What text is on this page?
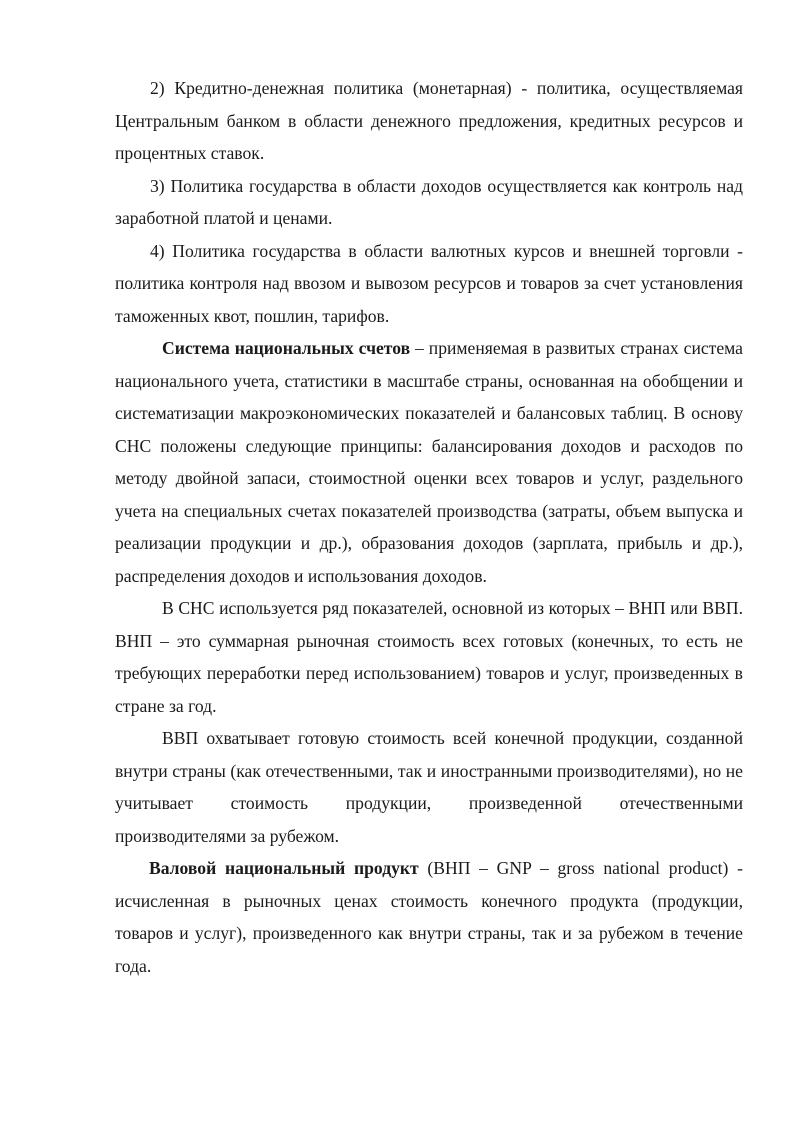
2) Кредитно-денежная политика (монетарная) - политика, осуществляемая Центральным банком в области денежного предложения, кредитных ресурсов и процентных ставок.

3) Политика государства в области доходов осуществляется как контроль над заработной платой и ценами.

4) Политика государства в области валютных курсов и внешней торговли - политика контроля над ввозом и вывозом ресурсов и товаров за счет установления таможенных квот, пошлин, тарифов.

Система национальных счетов – применяемая в развитых странах система национального учета, статистики в масштабе страны, основанная на обобщении и систематизации макроэкономических показателей и балансовых таблиц. В основу СНС положены следующие принципы: балансирования доходов и расходов по методу двойной запаси, стоимостной оценки всех товаров и услуг, раздельного учета на специальных счетах показателей производства (затраты, объем выпуска и реализации продукции и др.), образования доходов (зарплата, прибыль и др.), распределения доходов и использования доходов.

В СНС используется ряд показателей, основной из которых – ВНП или ВВП. ВНП – это суммарная рыночная стоимость всех готовых (конечных, то есть не требующих переработки перед использованием) товаров и услуг, произведенных в стране за год.

ВВП охватывает готовую стоимость всей конечной продукции, созданной внутри страны (как отечественными, так и иностранными производителями), но не учитывает стоимость продукции, произведенной отечественными производителями за рубежом.

Валовой национальный продукт (ВНП – GNP – gross national product) - исчисленная в рыночных ценах стоимость конечного продукта (продукции, товаров и услуг), произведенного как внутри страны, так и за рубежом в течение года.
